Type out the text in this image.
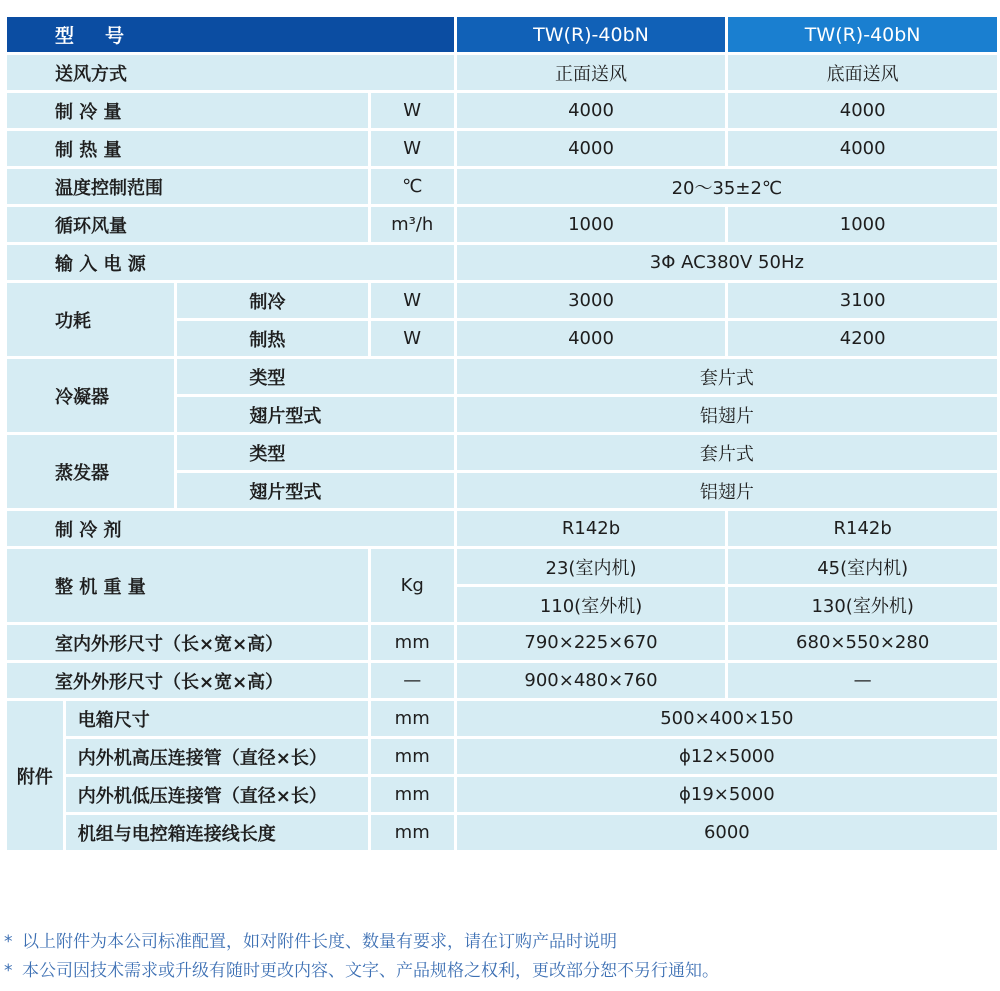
型　号				TW(R)-40bN	TW(R)-40bN
送风方式				正面送风	底面送风
制 冷 量			W	4000	4000
制 热 量			W	4000	4000
温度控制范围			℃	20～35±2℃	
循环风量			m³/h	1000	1000
输 入 电 源				3Φ AC380V 50Hz	
功耗		制冷	W	3000	3100
		制热	W	4000	4200
冷凝器		类型		套片式	
		翅片型式		铝翅片	
蒸发器		类型		套片式	
		翅片型式		铝翅片	
制 冷 剂				R142b	R142b
整 机 重 量			Kg	23(室内机)	45(室内机)
				110(室外机)	130(室外机)
室内外形尺寸（长×宽×高）			mm	790×225×670	680×550×280
室外外形尺寸（长×宽×高）			—	900×480×760	—
附件	电箱尺寸		mm	500×400×150	
	内外机高压连接管（直径×长）		mm	ϕ12×5000	
	内外机低压连接管（直径×长）		mm	ϕ19×5000	
	机组与电控箱连接线长度		mm	6000	
* 以上附件为本公司标准配置，如对附件长度、数量有要求，请在订购产品时说明
* 本公司因技术需求或升级有随时更改内容、文字、产品规格之权利，更改部分恕不另行通知。
